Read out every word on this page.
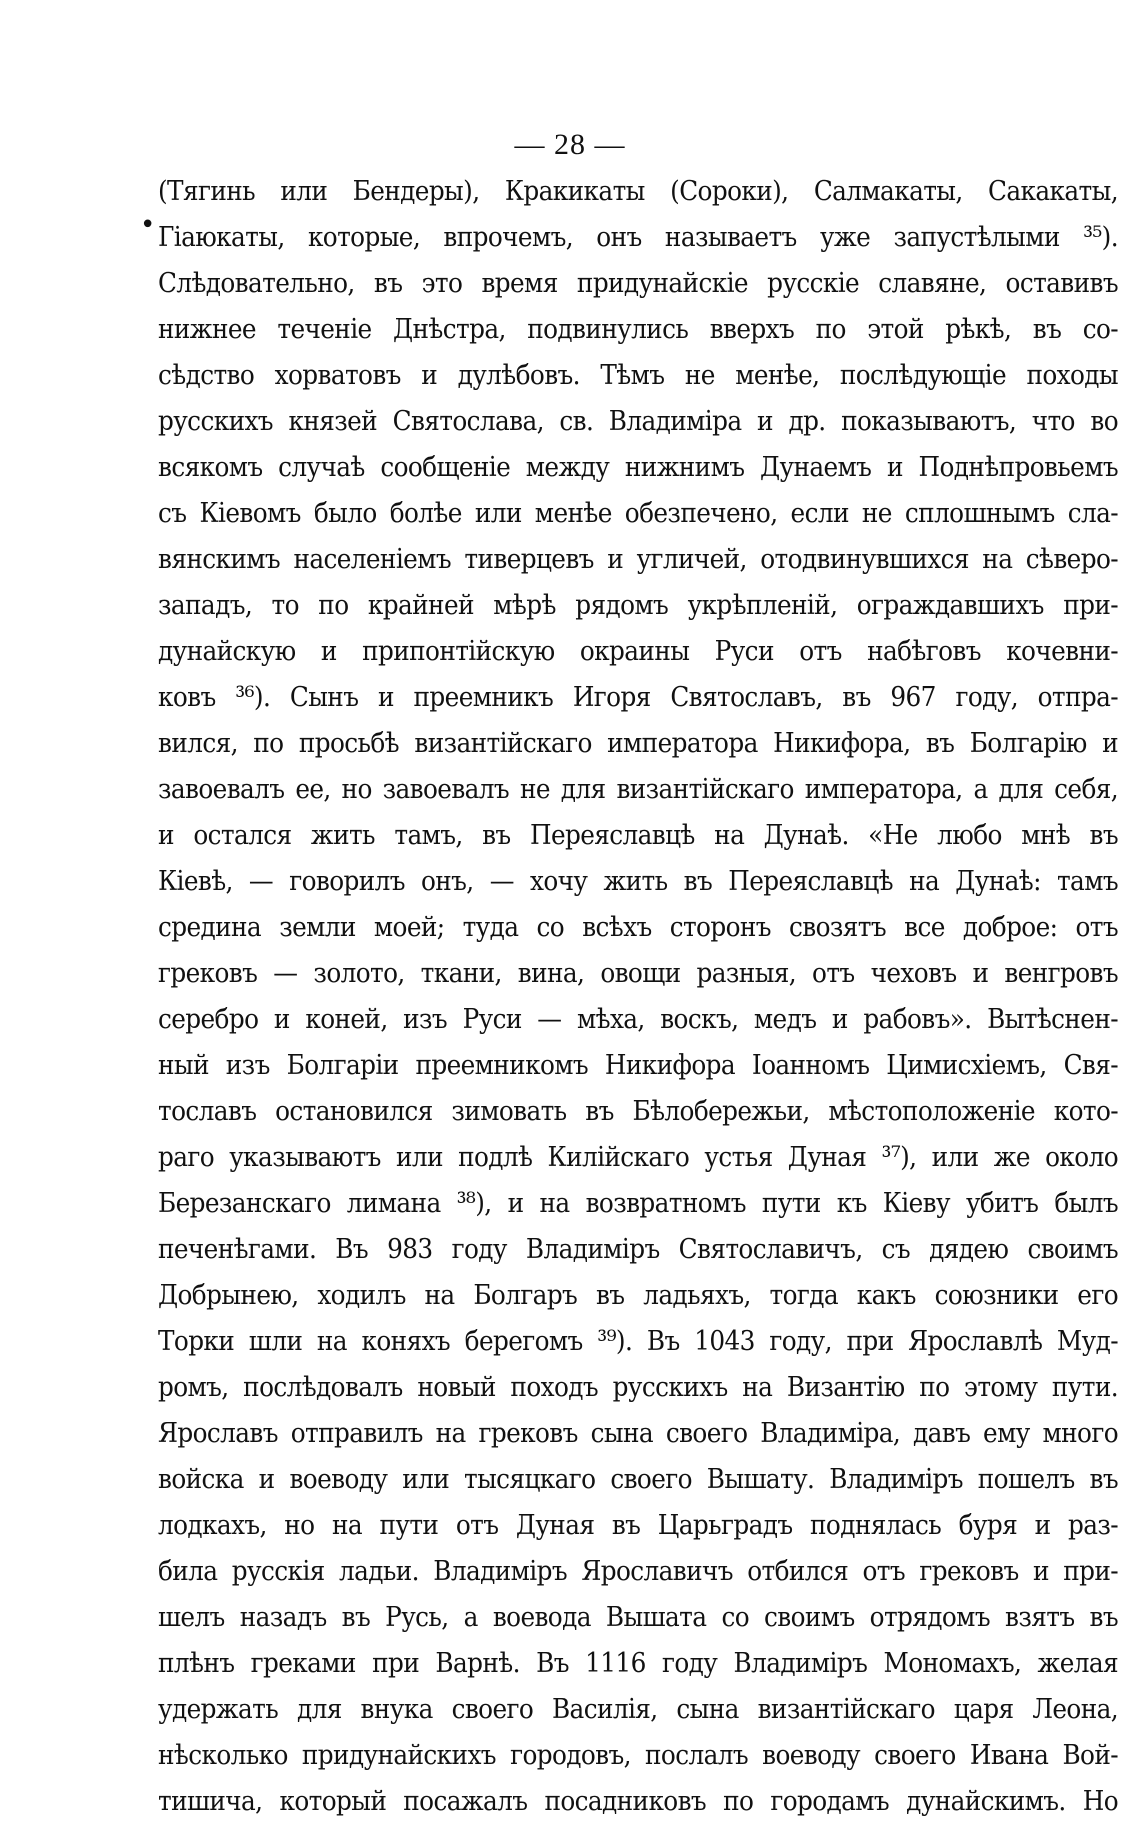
— 28 —
•
(Тягинь или Бендеры), Кракикаты (Сороки), Салмакаты, Сакакаты,
Гіаюкаты, которые, впрочемъ, онъ называетъ уже запустѣлыми ³⁵).
Слѣдовательно, въ это время придунайскіе русскіе славяне, оставивъ
нижнее теченіе Днѣстра, подвинулись вверхъ по этой рѣкѣ, въ со-
сѣдство хорватовъ и дулѣбовъ. Тѣмъ не менѣе, послѣдующіе походы
русскихъ князей Святослава, св. Владиміра и др. показываютъ, что во
всякомъ случаѣ сообщеніе между нижнимъ Дунаемъ и Поднѣпровьемъ
съ Кіевомъ было болѣе или менѣе обезпечено, если не сплошнымъ сла-
вянскимъ населеніемъ тиверцевъ и угличей, отодвинувшихся на сѣверо-
западъ, то по крайней мѣрѣ рядомъ укрѣпленій, ограждавшихъ при-
дунайскую и припонтійскую окраины Руси отъ набѣговъ кочевни-
ковъ ³⁶). Сынъ и преемникъ Игоря Святославъ, въ 967 году, отпра-
вился, по просьбѣ византійскаго императора Никифора, въ Болгарію и
завоевалъ ее, но завоевалъ не для византійскаго императора, а для себя,
и остался жить тамъ, въ Переяславцѣ на Дунаѣ. «Не любо мнѣ въ
Кіевѣ, — говорилъ онъ, — хочу жить въ Переяславцѣ на Дунаѣ: тамъ
средина земли моей; туда со всѣхъ сторонъ свозятъ все доброе: отъ
грековъ — золото, ткани, вина, овощи разныя, отъ чеховъ и венгровъ
серебро и коней, изъ Руси — мѣха, воскъ, медъ и рабовъ». Вытѣснен-
ный изъ Болгаріи преемникомъ Никифора Іоанномъ Цимисхіемъ, Свя-
тославъ остановился зимовать въ Бѣлобережьи, мѣстоположеніе кото-
раго указываютъ или подлѣ Килійскаго устья Дуная ³⁷), или же около
Березанскаго лимана ³⁸), и на возвратномъ пути къ Кіеву убитъ былъ
печенѣгами. Въ 983 году Владиміръ Святославичъ, съ дядею своимъ
Добрынею, ходилъ на Болгаръ въ ладьяхъ, тогда какъ союзники его
Торки шли на коняхъ берегомъ ³⁹). Въ 1043 году, при Ярославлѣ Муд-
ромъ, послѣдовалъ новый походъ русскихъ на Византію по этому пути.
Ярославъ отправилъ на грековъ сына своего Владиміра, давъ ему много
войска и воеводу или тысяцкаго своего Вышату. Владиміръ пошелъ въ
лодкахъ, но на пути отъ Дуная въ Царьградъ поднялась буря и раз-
била русскія ладьи. Владиміръ Ярославичъ отбился отъ грековъ и при-
шелъ назадъ въ Русь, а воевода Вышата со своимъ отрядомъ взятъ въ
плѣнъ греками при Варнѣ. Въ 1116 году Владиміръ Мономахъ, желая
удержать для внука своего Василія, сына византійскаго царя Леона,
нѣсколько придунайскихъ городовъ, послалъ воеводу своего Ивана Вой-
тишича, который посажалъ посадниковъ по городамъ дунайскимъ. Но
